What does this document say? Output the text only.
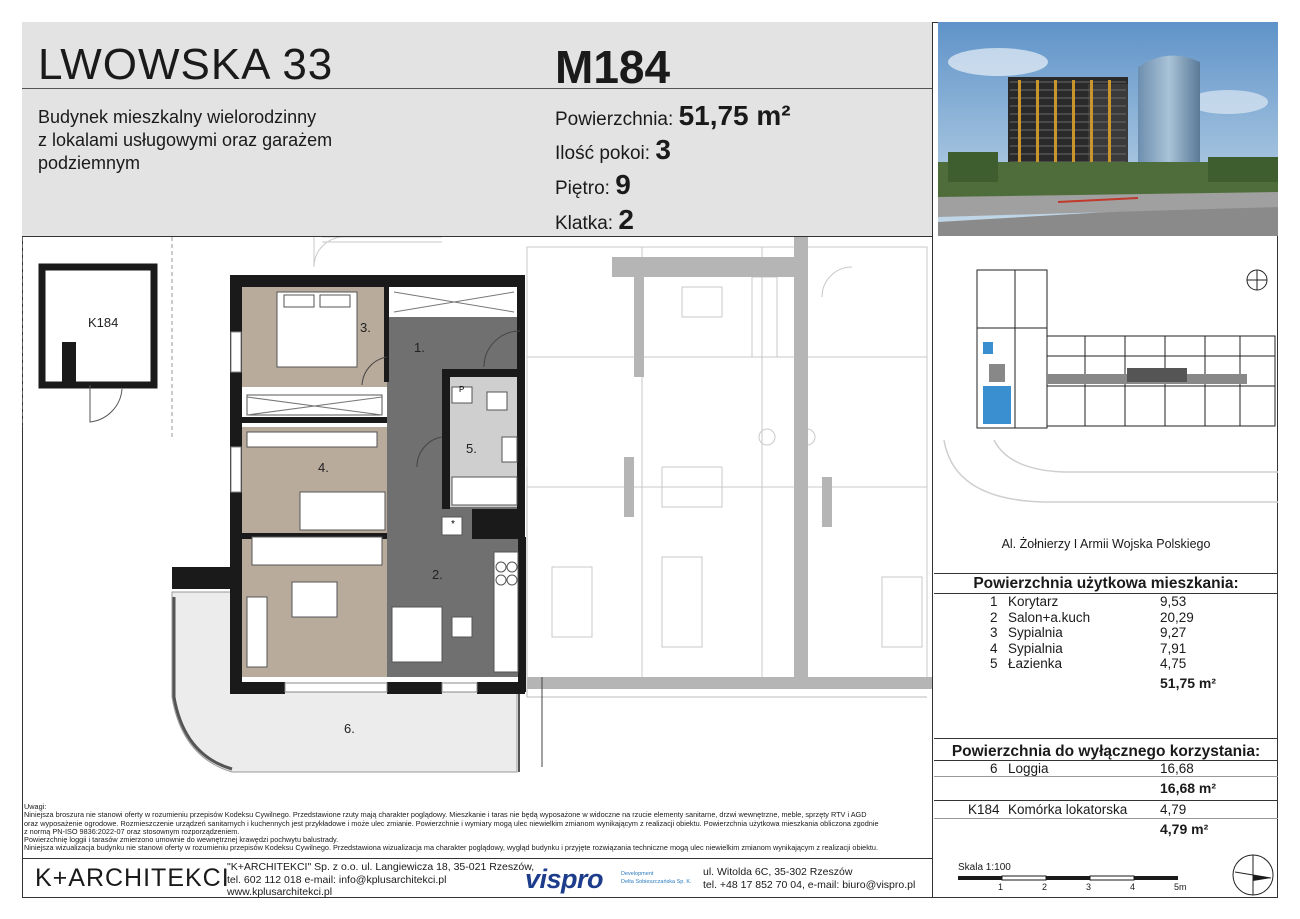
LWOWSKA 33	M184
Budynek mieszkalny wielorodzinny
z lokalami usługowymi oraz garażem
podziemnym
Powierzchnia: 51,75 m²
Ilość pokoi: 3
Piętro: 9
Klatka: 2
Al. Żołnierzy I Armii Wojska Polskiego
Powierzchnia użytkowa mieszkania:
1 Korytarz	9,53
2 Salon+a.kuch	20,29
3 Sypialnia	9,27
4 Sypialnia	7,91
5 Łazienka	4,75
51,75 m²
Powierzchnia do wyłącznego korzystania:
6 Loggia	16,68
16,68 m²
K184 Komórka lokatorska 4,79
4,79 m²
K184
1.
2.
3.
4.
5.
6.
P
*
Uwagi:
Niniejsza broszura nie stanowi oferty w rozumieniu przepisów Kodeksu Cywilnego. Przedstawione rzuty mają charakter poglądowy. Mieszkanie i taras nie będą wyposażone w widoczne na rzucie elementy sanitarne, drzwi wewnętrzne, meble, sprzęty RTV i AGD
oraz wyposażenie ogrodowe. Rozmieszczenie urządzeń sanitarnych i kuchennych jest przykładowe i może ulec zmianie. Powierzchnie i wymiary mogą ulec niewielkim zmianom wynikającym z realizacji obiektu. Powierzchnia użytkowa mieszkania obliczona zgodnie
z normą PN-ISO 9836:2022-07 oraz stosownym rozporządzeniem.
Powierzchnię loggii i tarasów zmierzono umownie do wewnętrznej krawędzi pochwytu balustrady.
Niniejsza wizualizacja budynku nie stanowi oferty w rozumieniu przepisów Kodeksu Cywilnego. Przedstawiona wizualizacja ma charakter poglądowy, wygląd budynku i przyjęte rozwiązania techniczne mogą ulec niewielkim zmianom wynikającym z realizacji obiektu.
K+ARCHITEKCI
"K+ARCHITEKCI" Sp. z o.o. ul. Langiewicza 18, 35-021 Rzeszów,
tel. 602 112 018 e-mail: info@kplusarchitekci.pl
www.kplusarchitekci.pl	vispro	Development
Delta Sobieszczańska Sp. K.
ul. Witolda 6C, 35-302 Rzeszów
tel. +48 17 852 70 04, e-mail: biuro@vispro.pl
Skala 1:100
1	2	3	4	5m
